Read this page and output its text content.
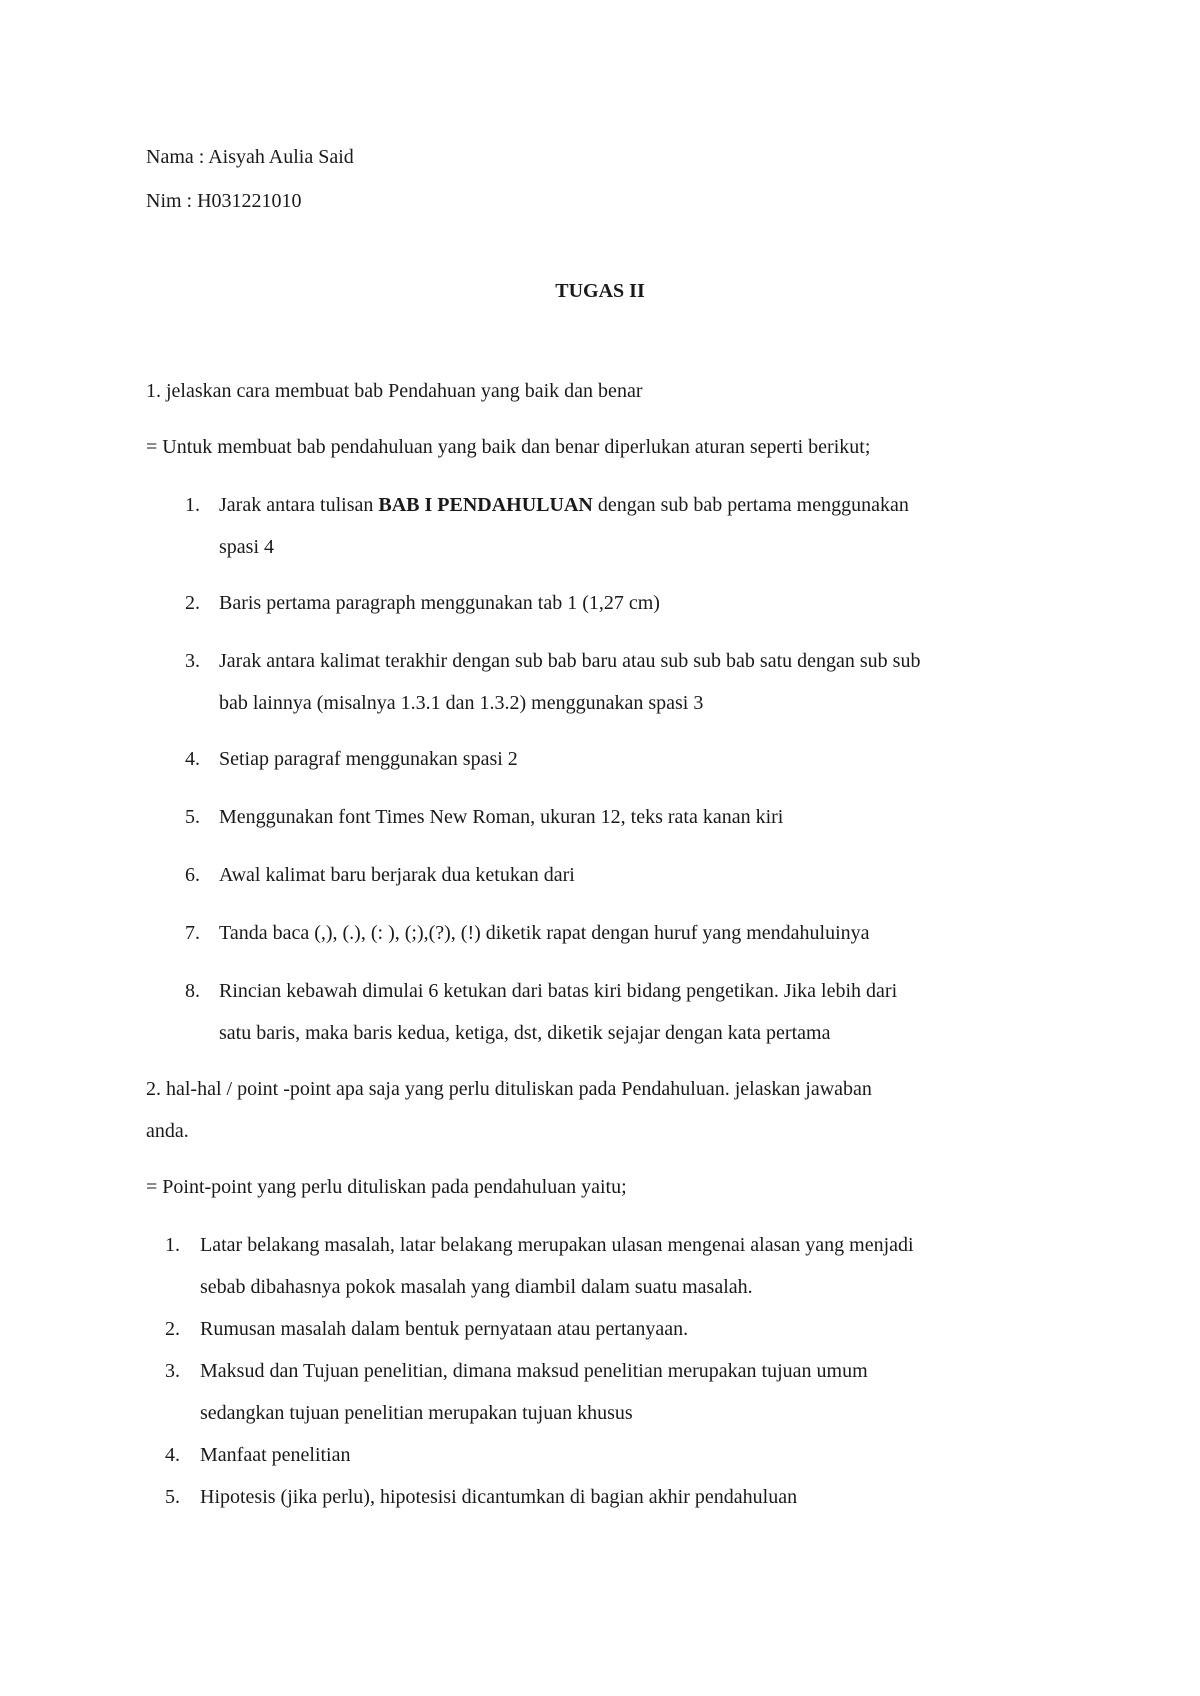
Nama : Aisyah Aulia Said

Nim : H031221010

TUGAS II

1. jelaskan cara membuat bab Pendahuan yang baik dan benar

= Untuk membuat bab pendahuluan yang baik dan benar diperlukan aturan seperti berikut;

1. Jarak antara tulisan BAB I PENDAHULUAN dengan sub bab pertama menggunakan
spasi 4
2. Baris pertama paragraph menggunakan tab 1 (1,27 cm)
3. Jarak antara kalimat terakhir dengan sub bab baru atau sub sub bab satu dengan sub sub
bab lainnya (misalnya 1.3.1 dan 1.3.2) menggunakan spasi 3
4. Setiap paragraf menggunakan spasi 2
5. Menggunakan font Times New Roman, ukuran 12, teks rata kanan kiri
6. Awal kalimat baru berjarak dua ketukan dari
7. Tanda baca (,), (.), (: ), (;),(?), (!) diketik rapat dengan huruf yang mendahuluinya
8. Rincian kebawah dimulai 6 ketukan dari batas kiri bidang pengetikan. Jika lebih dari
satu baris, maka baris kedua, ketiga, dst, diketik sejajar dengan kata pertama

2. hal-hal / point -point apa saja yang perlu dituliskan pada Pendahuluan. jelaskan jawaban

anda.

= Point-point yang perlu dituliskan pada pendahuluan yaitu;

1. Latar belakang masalah, latar belakang merupakan ulasan mengenai alasan yang menjadi
sebab dibahasnya pokok masalah yang diambil dalam suatu masalah.
2. Rumusan masalah dalam bentuk pernyataan atau pertanyaan.
3. Maksud dan Tujuan penelitian, dimana maksud penelitian merupakan tujuan umum
sedangkan tujuan penelitian merupakan tujuan khusus
4. Manfaat penelitian
5. Hipotesis (jika perlu), hipotesisi dicantumkan di bagian akhir pendahuluan
